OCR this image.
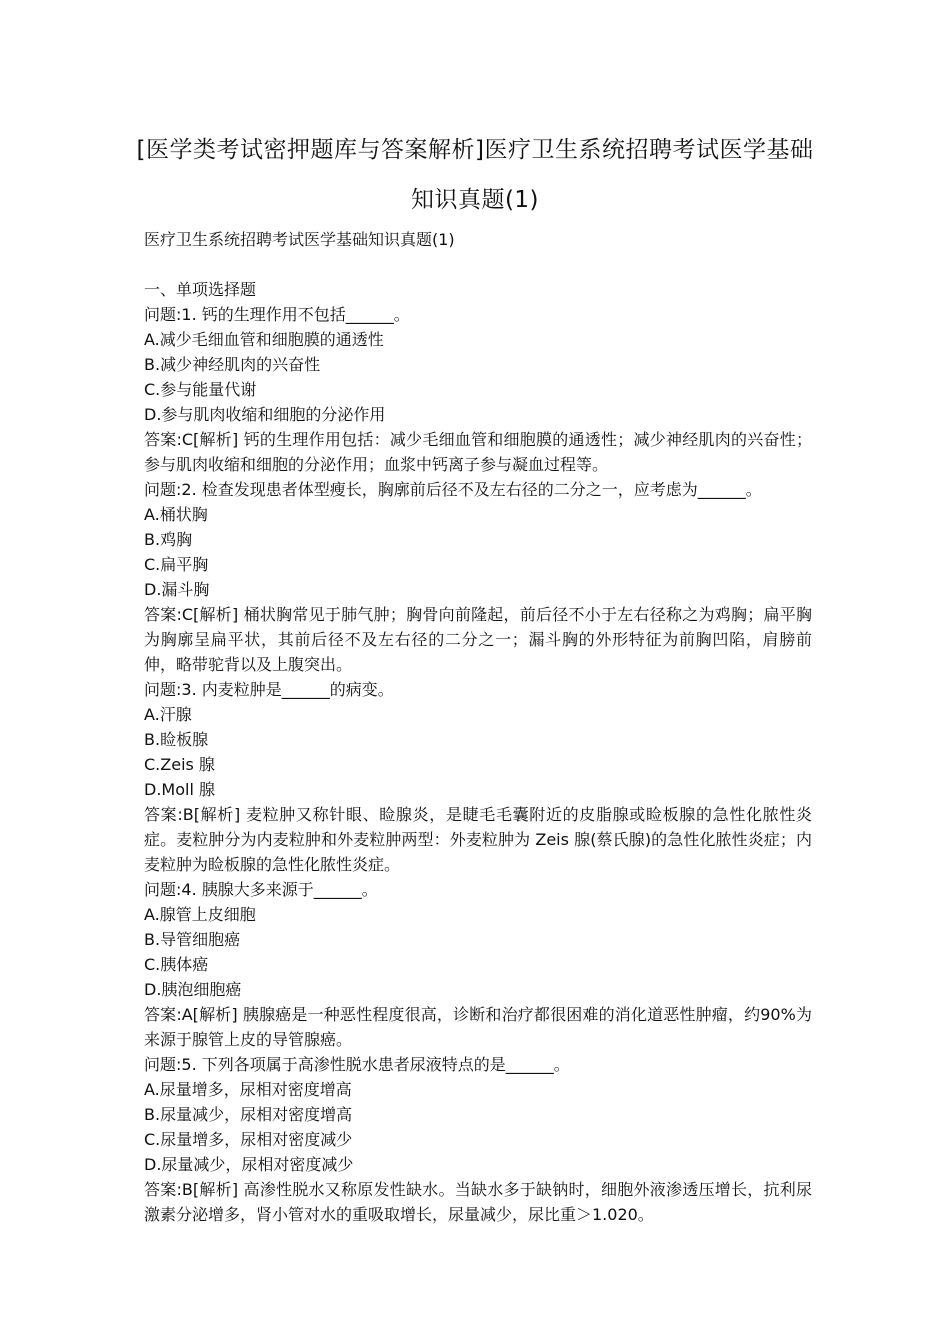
[医学类考试密押题库与答案解析]医疗卫生系统招聘考试医学基础
知识真题(1)
医疗卫生系统招聘考试医学基础知识真题(1)
一、单项选择题
问题:1. 钙的生理作用不包括______。
A.减少毛细血管和细胞膜的通透性
B.减少神经肌肉的兴奋性
C.参与能量代谢
D.参与肌肉收缩和细胞的分泌作用
答案:C[解析] 钙的生理作用包括：减少毛细血管和细胞膜的通透性；减少神经肌肉的兴奋性；参与肌肉收缩和细胞的分泌作用；血浆中钙离子参与凝血过程等。
问题:2. 检查发现患者体型瘦长，胸廓前后径不及左右径的二分之一，应考虑为______。
A.桶状胸
B.鸡胸
C.扁平胸
D.漏斗胸
答案:C[解析] 桶状胸常见于肺气肿；胸骨向前隆起，前后径不小于左右径称之为鸡胸；扁平胸为胸廓呈扁平状，其前后径不及左右径的二分之一；漏斗胸的外形特征为前胸凹陷，肩膀前伸，略带驼背以及上腹突出。
问题:3. 内麦粒肿是______的病变。
A.汗腺
B.睑板腺
C.Zeis 腺
D.Moll 腺
答案:B[解析] 麦粒肿又称针眼、睑腺炎，是睫毛毛囊附近的皮脂腺或睑板腺的急性化脓性炎症。麦粒肿分为内麦粒肿和外麦粒肿两型：外麦粒肿为 Zeis 腺(蔡氏腺)的急性化脓性炎症；内麦粒肿为睑板腺的急性化脓性炎症。
问题:4. 胰腺大多来源于______。
A.腺管上皮细胞
B.导管细胞癌
C.胰体癌
D.胰泡细胞癌
答案:A[解析] 胰腺癌是一种恶性程度很高，诊断和治疗都很困难的消化道恶性肿瘤，约90%为来源于腺管上皮的导管腺癌。
问题:5. 下列各项属于高渗性脱水患者尿液特点的是______。
A.尿量增多，尿相对密度增高
B.尿量减少，尿相对密度增高
C.尿量增多，尿相对密度减少
D.尿量减少，尿相对密度减少
答案:B[解析] 高渗性脱水又称原发性缺水。当缺水多于缺钠时，细胞外液渗透压增长，抗利尿激素分泌增多，肾小管对水的重吸取增长，尿量减少，尿比重＞1.020。
